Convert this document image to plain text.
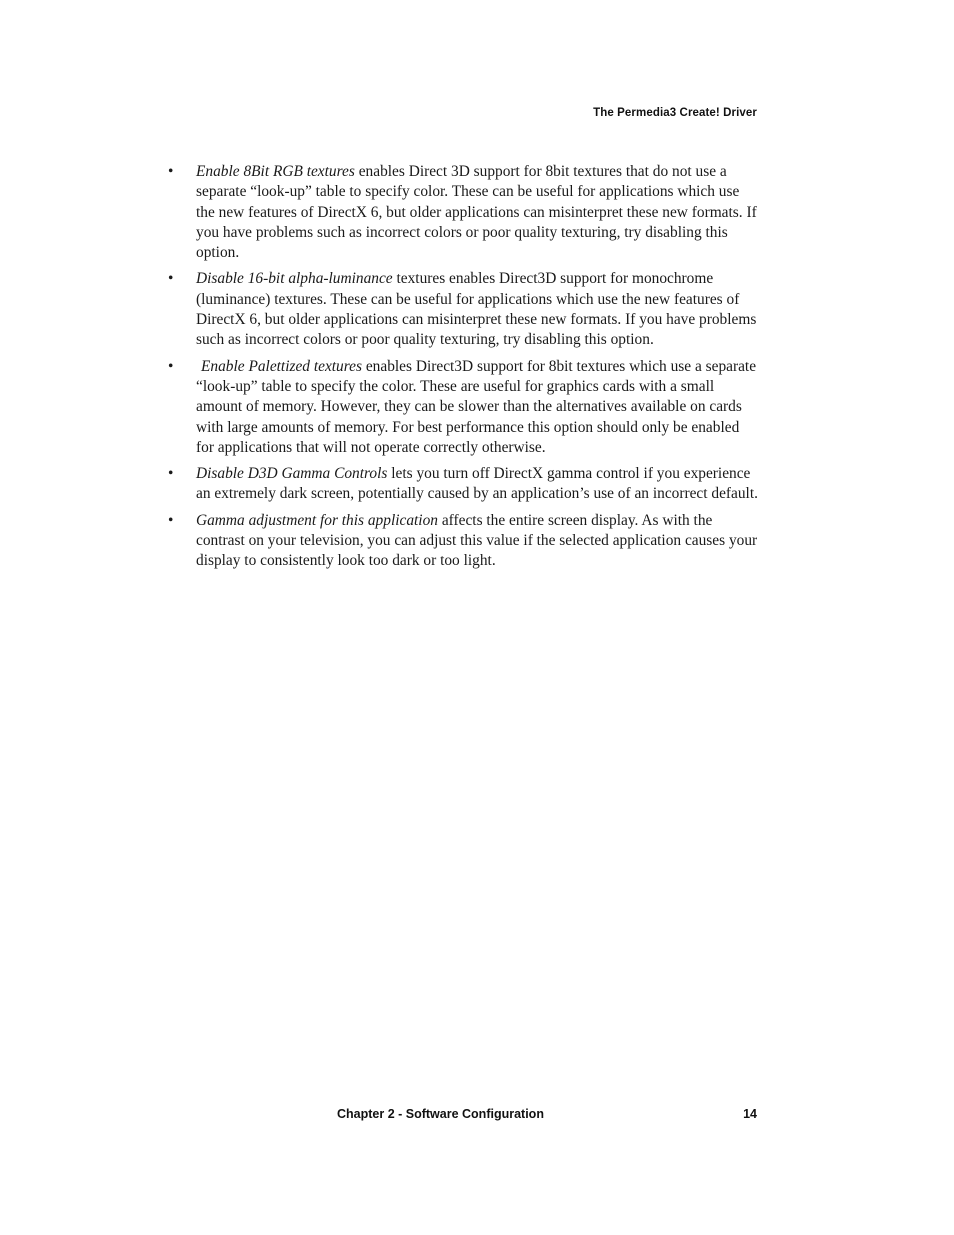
The Permedia3 Create! Driver
• Enable 8Bit RGB textures enables Direct 3D support for 8bit textures that do not use a separate “look-up” table to specify color. These can be useful for applications which use the new features of DirectX 6, but older applications can misinterpret these new formats. If you have problems such as incorrect colors or poor quality texturing, try disabling this option.
• Disable 16-bit alpha-luminance textures enables Direct3D support for monochrome (luminance) textures. These can be useful for applications which use the new features of DirectX 6, but older applications can misinterpret these new formats. If you have problems such as incorrect colors or poor quality texturing, try disabling this option.
• Enable Palettized textures enables Direct3D support for 8bit textures which use a separate “look-up” table to specify the color. These are useful for graphics cards with a small amount of memory. However, they can be slower than the alternatives available on cards with large amounts of memory. For best performance this option should only be enabled for applications that will not operate correctly otherwise.
• Disable D3D Gamma Controls lets you turn off DirectX gamma control if you experience an extremely dark screen, potentially caused by an application’s use of an incorrect default.
• Gamma adjustment for this application affects the entire screen display. As with the contrast on your television, you can adjust this value if the selected application causes your display to consistently look too dark or too light.
Chapter 2 - Software Configuration	14
